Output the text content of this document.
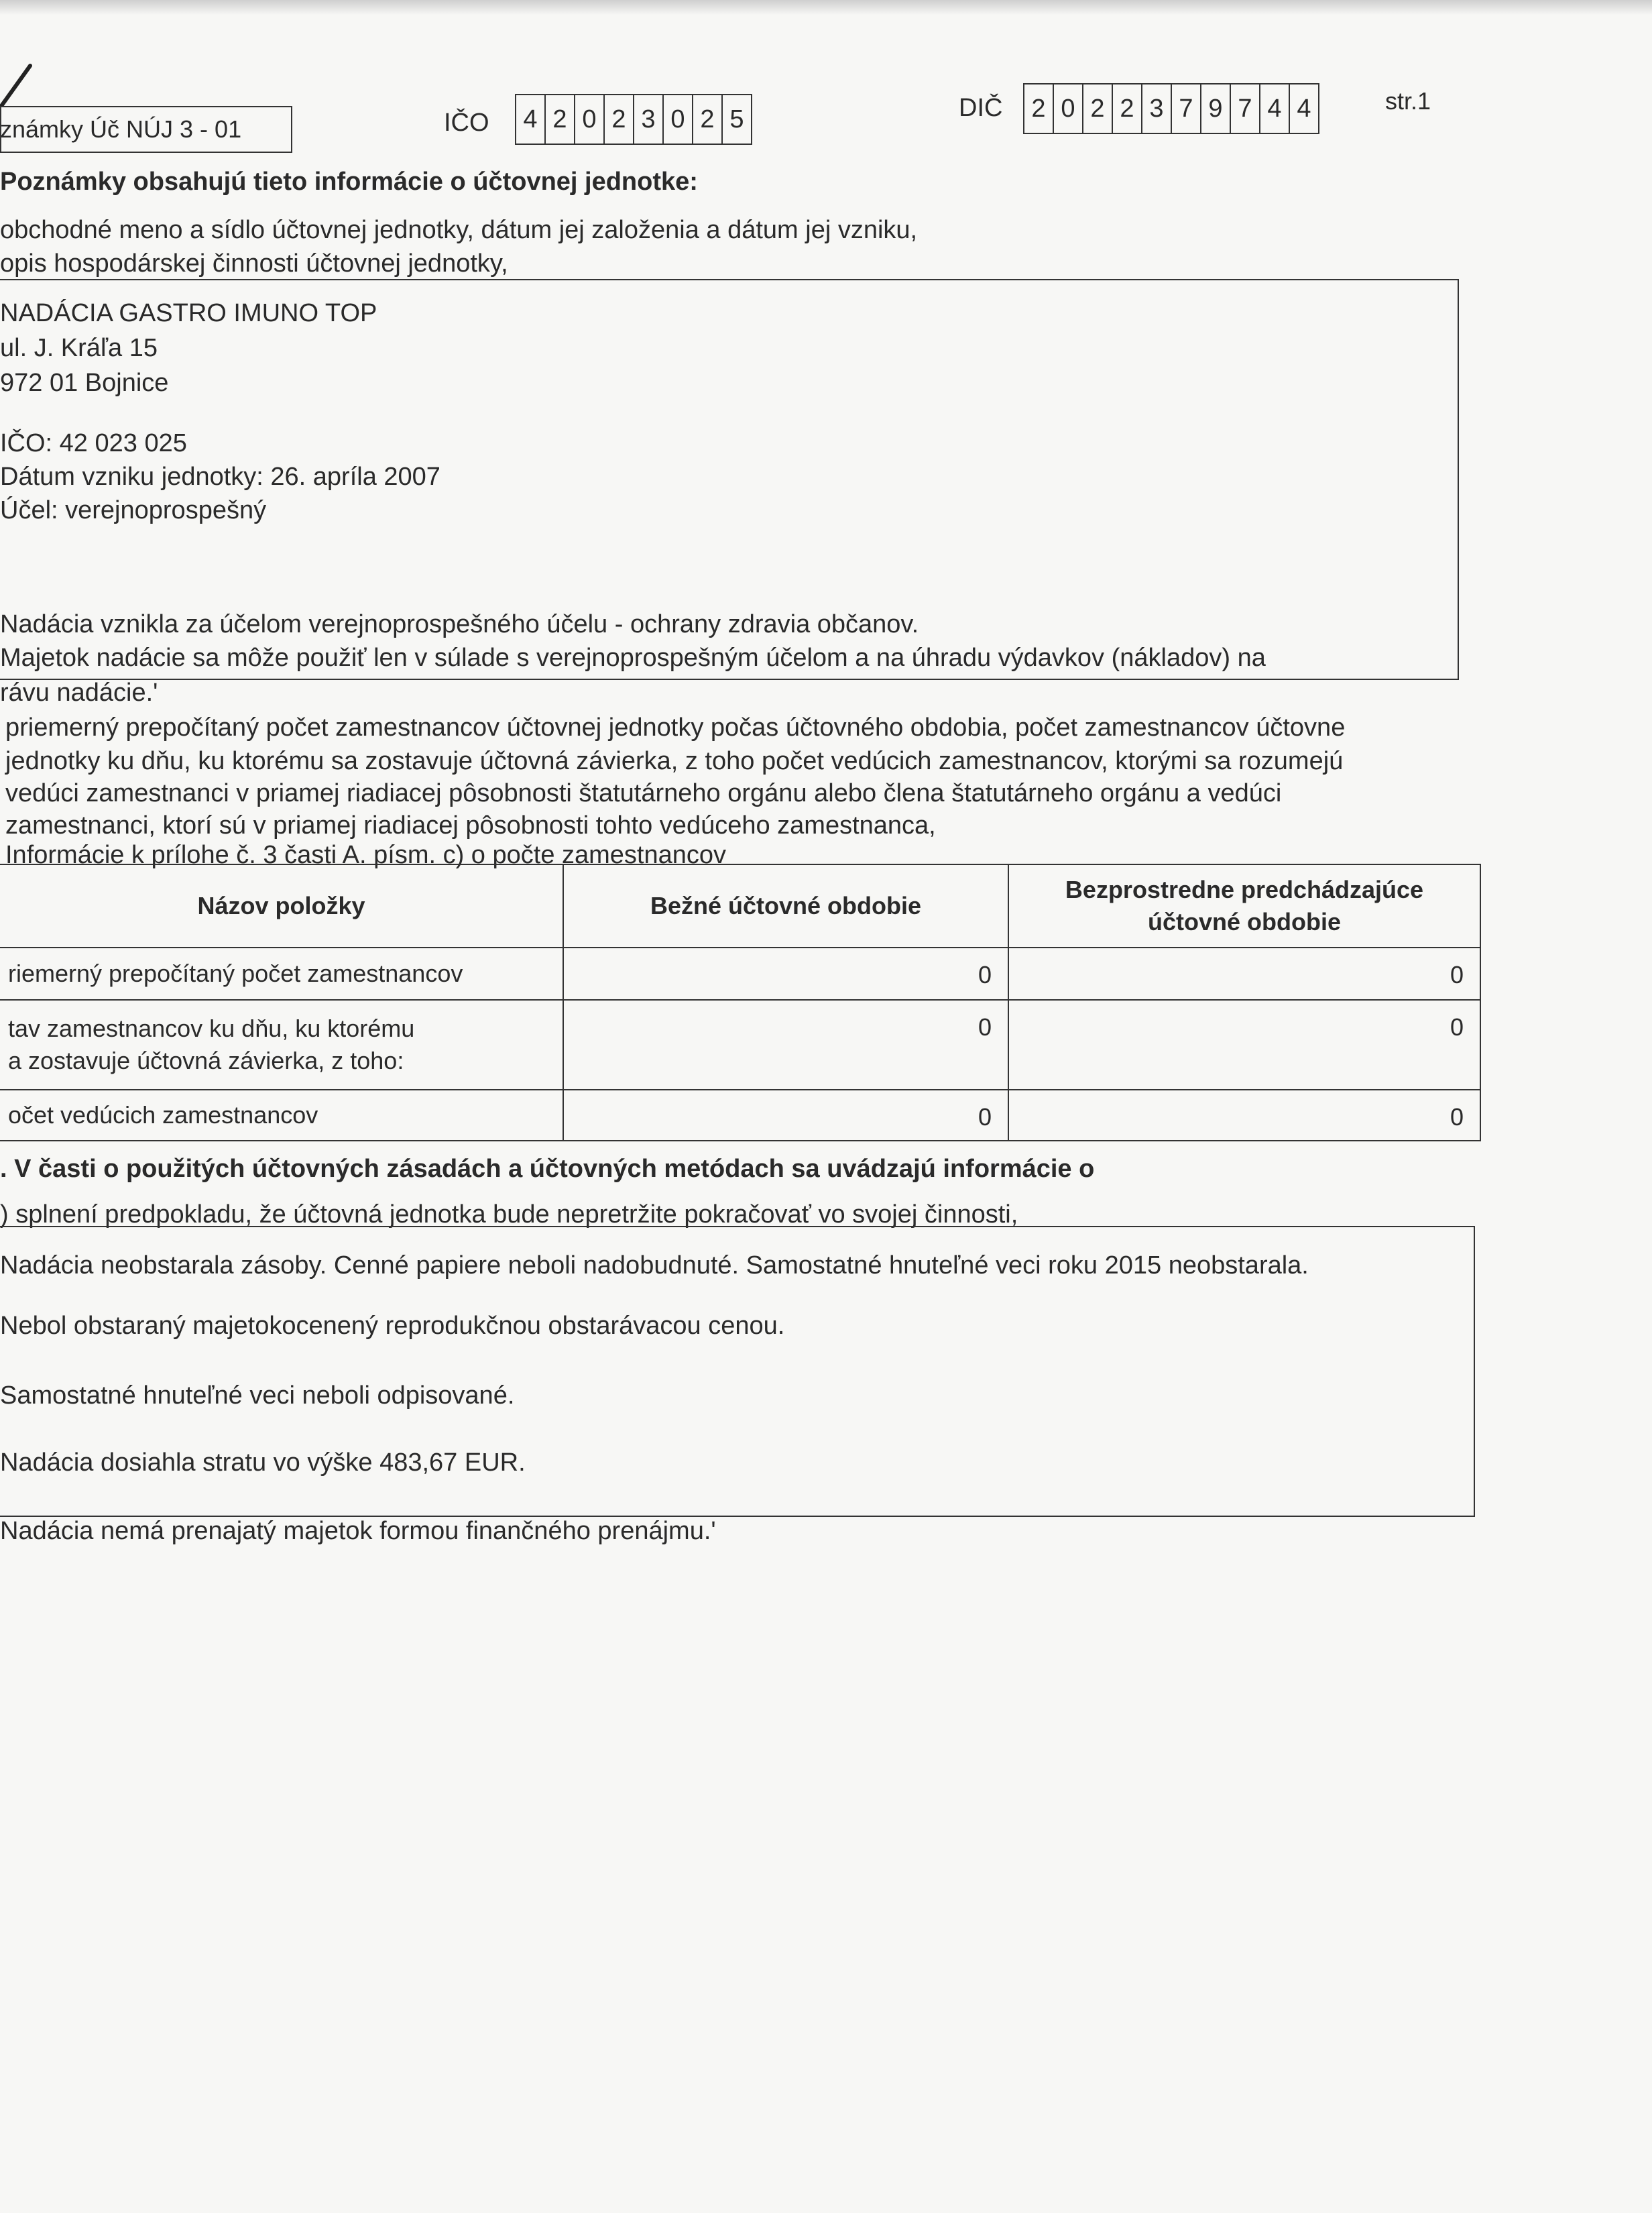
známky Úč NÚJ 3 - 01	IČO 4 2 0 2 3 0 2 5	DIČ 2 0 2 2 3 7 9 7 4 4	str.1
Poznámky obsahujú tieto informácie o účtovnej jednotke:
obchodné meno a sídlo účtovnej jednotky, dátum jej založenia a dátum jej vzniku,
opis hospodárskej činnosti účtovnej jednotky,
NADÁCIA GASTRO IMUNO TOP
ul. J. Kráľa 15
972 01 Bojnice
IČO: 42 023 025
Dátum vzniku jednotky: 26. apríla 2007
Účel: verejnoprospešný
Nadácia vznikla za účelom verejnoprospešného účelu - ochrany zdravia občanov.
Majetok nadácie sa môže použiť len v súlade s verejnoprospešným účelom a na úhradu výdavkov (nákladov) na
rávu nadácie.'
priemerný prepočítaný počet zamestnancov účtovnej jednotky počas účtovného obdobia, počet zamestnancov účtovne
jednotky ku dňu, ku ktorému sa zostavuje účtovná závierka, z toho počet vedúcich zamestnancov, ktorými sa rozumejú
vedúci zamestnanci v priamej riadiacej pôsobnosti štatutárneho orgánu alebo člena štatutárneho orgánu a vedúci
zamestnanci, ktorí sú v priamej riadiacej pôsobnosti tohto vedúceho zamestnanca,
Informácie k prílohe č. 3 časti A. písm. c) o počte zamestnancov
Názov položky	Bežné účtovné obdobie	Bezprostredne predchádzajúce
účtovné obdobie

riemerný prepočítaný počet zamestnancov	0	0

tav zamestnancov ku dňu, ku ktorému
a zostavuje účtovná závierka, z toho:	0	0
očet vedúcich zamestnancov	0	0
. V časti o použitých účtovných zásadách a účtovných metódach sa uvádzajú informácie o
) splnení predpokladu, že účtovná jednotka bude nepretržite pokračovať vo svojej činnosti,
Nadácia neobstarala zásoby. Cenné papiere neboli nadobudnuté. Samostatné hnuteľné veci roku 2015 neobstarala.
Nebol obstaraný majetokocenený reprodukčnou obstarávacou cenou.
Samostatné hnuteľné veci neboli odpisované.
Nadácia dosiahla stratu vo výške 483,67 EUR.
Nadácia nemá prenajatý majetok formou finančného prenájmu.'
